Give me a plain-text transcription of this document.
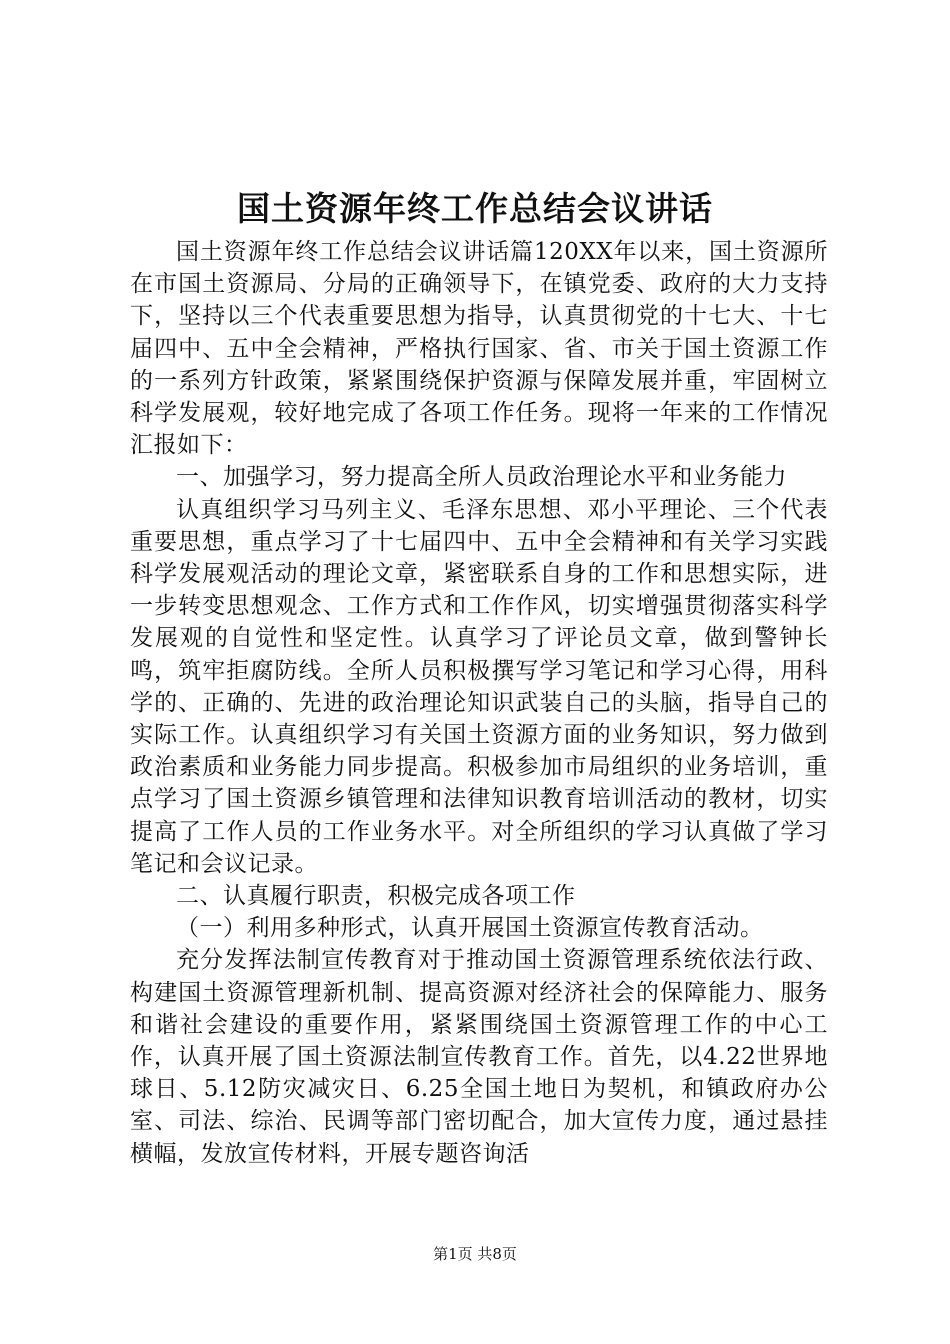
国土资源年终工作总结会议讲话

国土资源年终工作总结会议讲话篇120XX年以来，国土资源所在市国土资源局、分局的正确领导下，在镇党委、政府的大力支持下，坚持以三个代表重要思想为指导，认真贯彻党的十七大、十七届四中、五中全会精神，严格执行国家、省、市关于国土资源工作的一系列方针政策，紧紧围绕保护资源与保障发展并重，牢固树立科学发展观，较好地完成了各项工作任务。现将一年来的工作情况汇报如下：

一、加强学习，努力提高全所人员政治理论水平和业务能力

认真组织学习马列主义、毛泽东思想、邓小平理论、三个代表重要思想，重点学习了十七届四中、五中全会精神和有关学习实践科学发展观活动的理论文章，紧密联系自身的工作和思想实际，进一步转变思想观念、工作方式和工作作风，切实增强贯彻落实科学发展观的自觉性和坚定性。认真学习了评论员文章，做到警钟长鸣，筑牢拒腐防线。全所人员积极撰写学习笔记和学习心得，用科学的、正确的、先进的政治理论知识武装自己的头脑，指导自己的实际工作。认真组织学习有关国土资源方面的业务知识，努力做到政治素质和业务能力同步提高。积极参加市局组织的业务培训，重点学习了国土资源乡镇管理和法律知识教育培训活动的教材，切实提高了工作人员的工作业务水平。对全所组织的学习认真做了学习笔记和会议记录。

二、认真履行职责，积极完成各项工作

（一）利用多种形式，认真开展国土资源宣传教育活动。

充分发挥法制宣传教育对于推动国土资源管理系统依法行政、构建国土资源管理新机制、提高资源对经济社会的保障能力、服务和谐社会建设的重要作用，紧紧围绕国土资源管理工作的中心工作，认真开展了国土资源法制宣传教育工作。首先，以4.22世界地球日、5.12防灾减灾日、6.25全国土地日为契机，和镇政府办公室、司法、综治、民调等部门密切配合，加大宣传力度，通过悬挂横幅，发放宣传材料，开展专题咨询活

第1页 共8页
